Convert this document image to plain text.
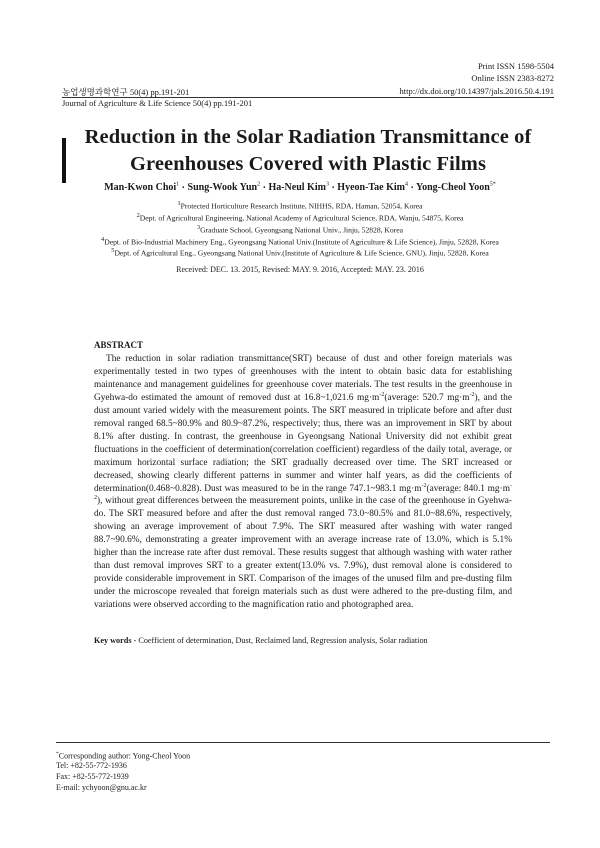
Print ISSN 1598-5504
Online ISSN 2383-8272
농업생명과학연구 50(4) pp.191-201	http://dx.doi.org/10.14397/jals.2016.50.4.191
Journal of Agriculture & Life Science 50(4) pp.191-201
Reduction in the Solar Radiation Transmittance of
Greenhouses Covered with Plastic Films
Man-Kwon Choi$^1$ · Sung-Wook Yun$^2$ · Ha-Neul Kim$^3$ · Hyeon-Tae Kim$^4$ · Yong-Cheol Yoon$^{5*}$
$^1$Protected Horticulture Research Institute, NIHHS, RDA, Haman, 52054, Korea
$^2$Dept. of Agricultural Engineering, National Academy of Agricultural Science, RDA, Wanju, 54875, Korea
$^3$Graduate School, Gyeongsang National Univ., Jinju, 52828, Korea
$^4$Dept. of Bio-Industrial Machinery Eng., Gyeongsang National Univ.(Institute of Agriculture & Life Science), Jinju, 52828, Korea
$^5$Dept. of Agricultural Eng., Gyeongsang National Univ.(Institute of Agriculture & Life Science, GNU), Jinju, 52828, Korea
Received: DEC. 13. 2015, Revised: MAY. 9. 2016, Accepted: MAY. 23. 2016
ABSTRACT

The reduction in solar radiation transmittance(SRT) because of dust and other foreign materials was experimentally tested in two types of greenhouses with the intent to obtain basic data for establishing maintenance and management guidelines for greenhouse cover materials. The test results in the greenhouse in Gyehwa-do estimated the amount of removed dust at 16.8~1,021.6 $mg\cdot m^{-2}(average$: 520.7 $mg\cdot m^{-2}$), and the dust amount varied widely with the measurement points. The SRT measured in triplicate before and after dust removal ranged 68.5~80.9% and 80.9~87.2%, respectively; thus, there was an improvement in SRT by about 8.1% after dusting. In contrast, the greenhouse in Gyeongsang National University did not exhibit great fluctuations in the coefficient of determination(correlation coefficient) regardless of the daily total, average, or maximum horizontal surface radiation; the SRT gradually decreased over time. The SRT increased or decreased, showing clearly different patterns in summer and winter half years, as did the coefficients of determination(0.468~0.828). Dust was measured to be in the range 747.1~983.1 $mg\cdot m^{-2}(average$: 840.1 $mg\cdot m^{-2}$), without great differences between the measurement points, unlike in the case of the greenhouse in Gyehwa-do. The SRT measured before and after the dust removal ranged 73.0~80.5% and 81.0~88.6%, respectively, showing an average improvement of about 7.9%. The SRT measured after washing with water ranged 88.7~90.6%, demonstrating a greater improvement with an average increase rate of 13.0%, which is 5.1% higher than the increase rate after dust removal. These results suggest that although washing with water rather than dust removal improves SRT to a greater extent(13.0% vs. 7.9%), dust removal alone is considered to provide considerable improvement in SRT. Comparison of the images of the unused film and pre-dusting film under the microscope revealed that foreign materials such as dust were adhered to the pre-dusting film, and variations were observed according to the magnification ratio and photographed area.

Key words - Coefficient of determination, Dust, Reclaimed land, Regression analysis, Solar radiation
*Corresponding author: Yong-Cheol Yoon
Tel: +82-55-772-1936
Fax: +82-55-772-1939
E-mail: ychyoon@gnu.ac.kr
